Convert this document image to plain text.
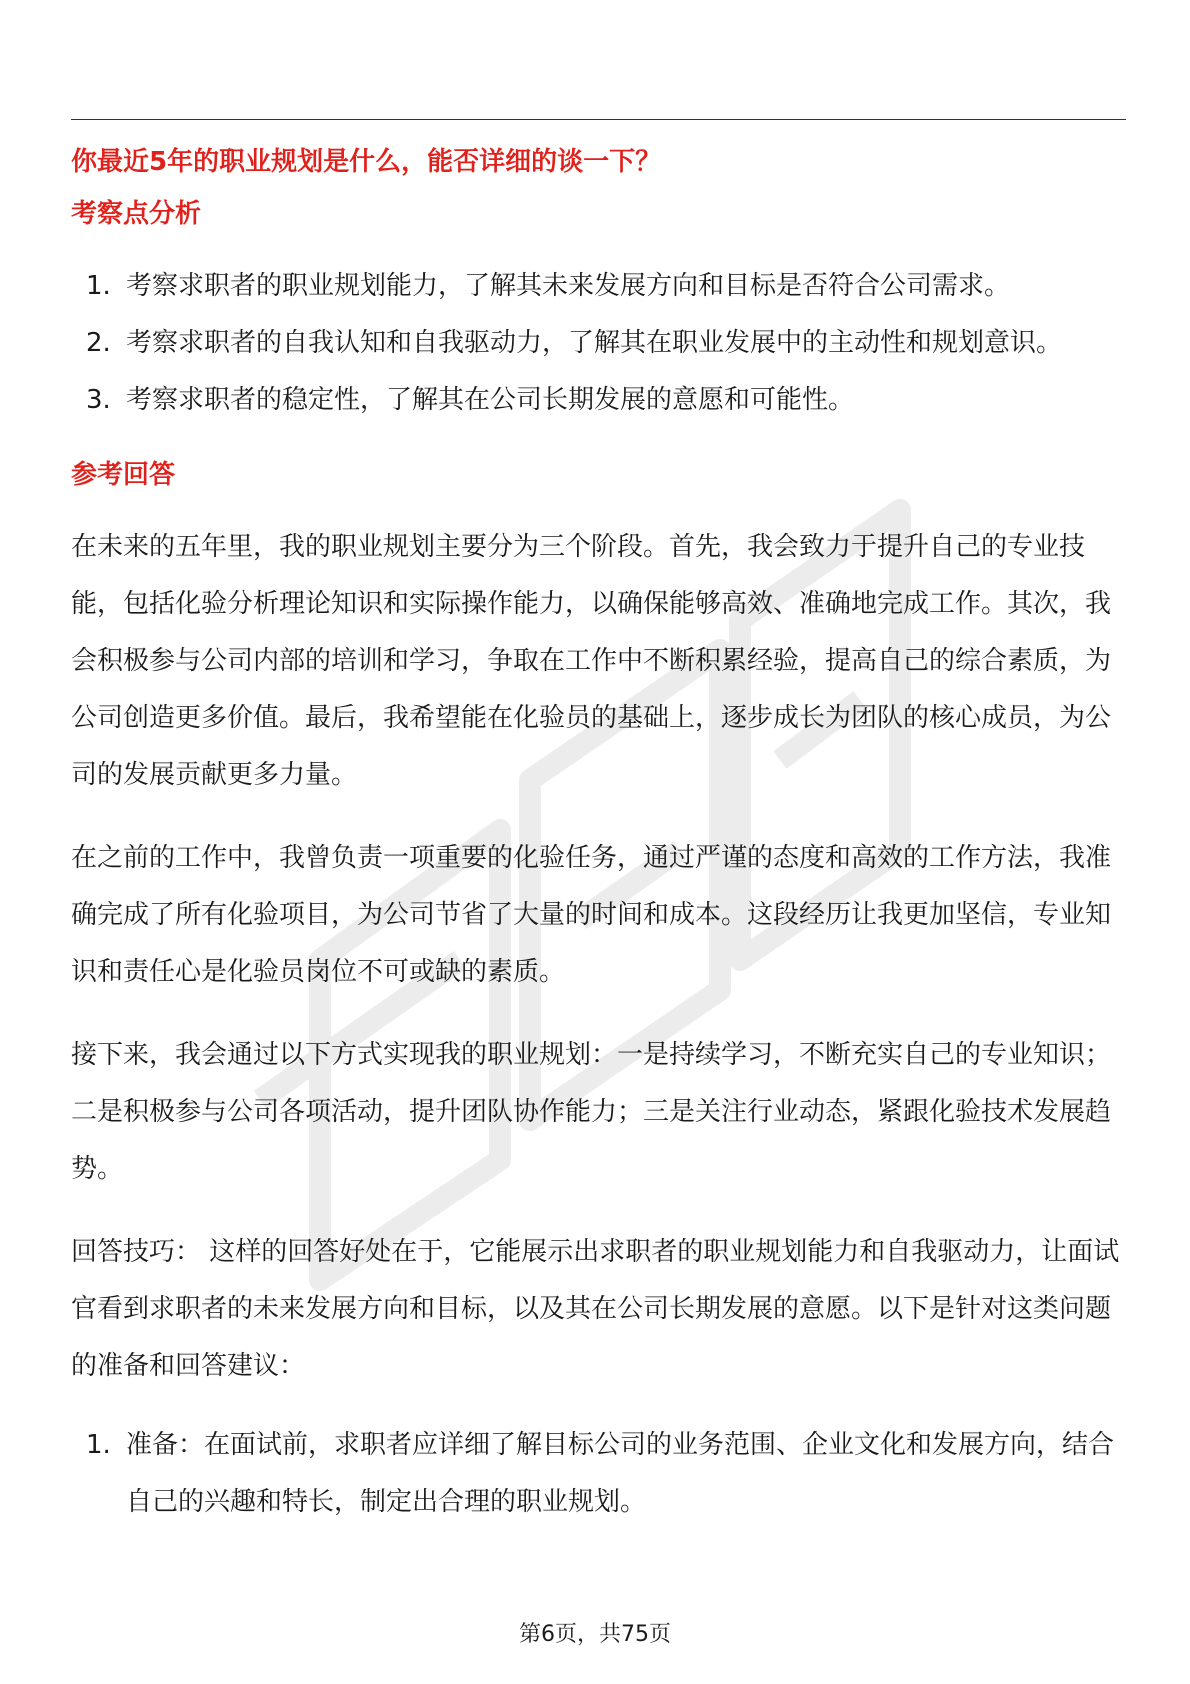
你最近5年的职业规划是什么，能否详细的谈一下？
考察点分析
1. 考察求职者的职业规划能力，了解其未来发展方向和目标是否符合公司需求。
2. 考察求职者的自我认知和自我驱动力，了解其在职业发展中的主动性和规划意识。
3. 考察求职者的稳定性，了解其在公司长期发展的意愿和可能性。
参考回答

在未来的五年里，我的职业规划主要分为三个阶段。首先，我会致力于提升自己的专业技能，包括化验分析理论知识和实际操作能力，以确保能够高效、准确地完成工作。其次，我会积极参与公司内部的培训和学习，争取在工作中不断积累经验，提高自己的综合素质，为公司创造更多价值。最后，我希望能在化验员的基础上，逐步成长为团队的核心成员，为公司的发展贡献更多力量。

在之前的工作中，我曾负责一项重要的化验任务，通过严谨的态度和高效的工作方法，我准确完成了所有化验项目，为公司节省了大量的时间和成本。这段经历让我更加坚信，专业知识和责任心是化验员岗位不可或缺的素质。

接下来，我会通过以下方式实现我的职业规划：一是持续学习，不断充实自己的专业知识；二是积极参与公司各项活动，提升团队协作能力；三是关注行业动态，紧跟化验技术发展趋势。

回答技巧： 这样的回答好处在于，它能展示出求职者的职业规划能力和自我驱动力，让面试官看到求职者的未来发展方向和目标，以及其在公司长期发展的意愿。以下是针对这类问题的准备和回答建议：

1. 准备：在面试前，求职者应详细了解目标公司的业务范围、企业文化和发展方向，结合自己的兴趣和特长，制定出合理的职业规划。
第6页，共75页
